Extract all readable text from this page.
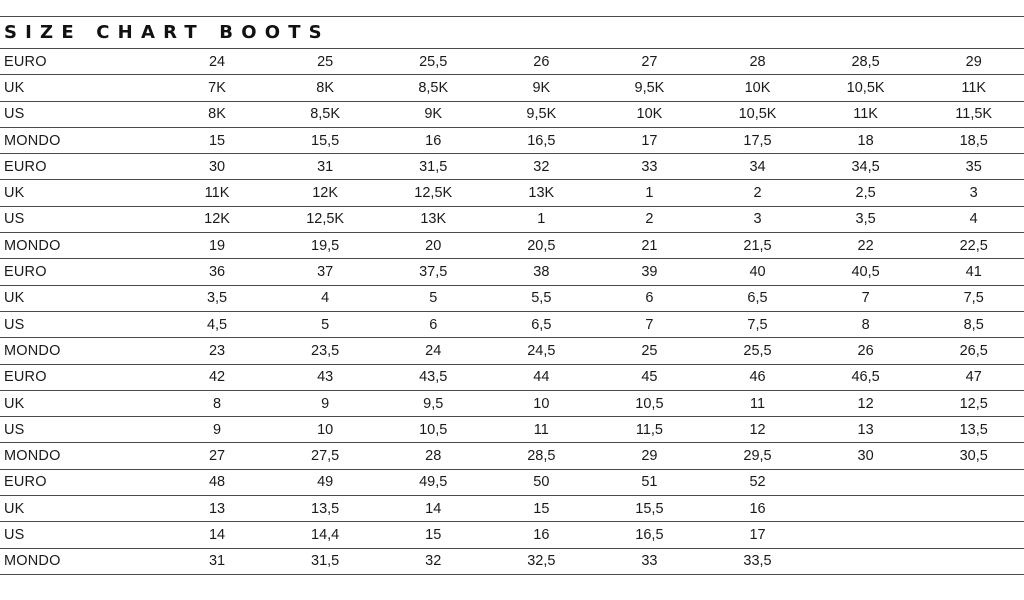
SIZE CHART BOOTS
EURO	24	25	25,5	26	27	28	28,5	29
UK	7K	8K	8,5K	9K	9,5K	10K	10,5K	11K
US	8K	8,5K	9K	9,5K	10K	10,5K	11K	11,5K
MONDO	15	15,5	16	16,5	17	17,5	18	18,5
EURO	30	31	31,5	32	33	34	34,5	35
UK	11K	12K	12,5K	13K	1	2	2,5	3
US	12K	12,5K	13K	1	2	3	3,5	4
MONDO	19	19,5	20	20,5	21	21,5	22	22,5
EURO	36	37	37,5	38	39	40	40,5	41
UK	3,5	4	5	5,5	6	6,5	7	7,5
US	4,5	5	6	6,5	7	7,5	8	8,5
MONDO	23	23,5	24	24,5	25	25,5	26	26,5
EURO	42	43	43,5	44	45	46	46,5	47
UK	8	9	9,5	10	10,5	11	12	12,5
US	9	10	10,5	11	11,5	12	13	13,5
MONDO	27	27,5	28	28,5	29	29,5	30	30,5
EURO	48	49	49,5	50	51	52		
UK	13	13,5	14	15	15,5	16		
US	14	14,4	15	16	16,5	17		
MONDO	31	31,5	32	32,5	33	33,5		
